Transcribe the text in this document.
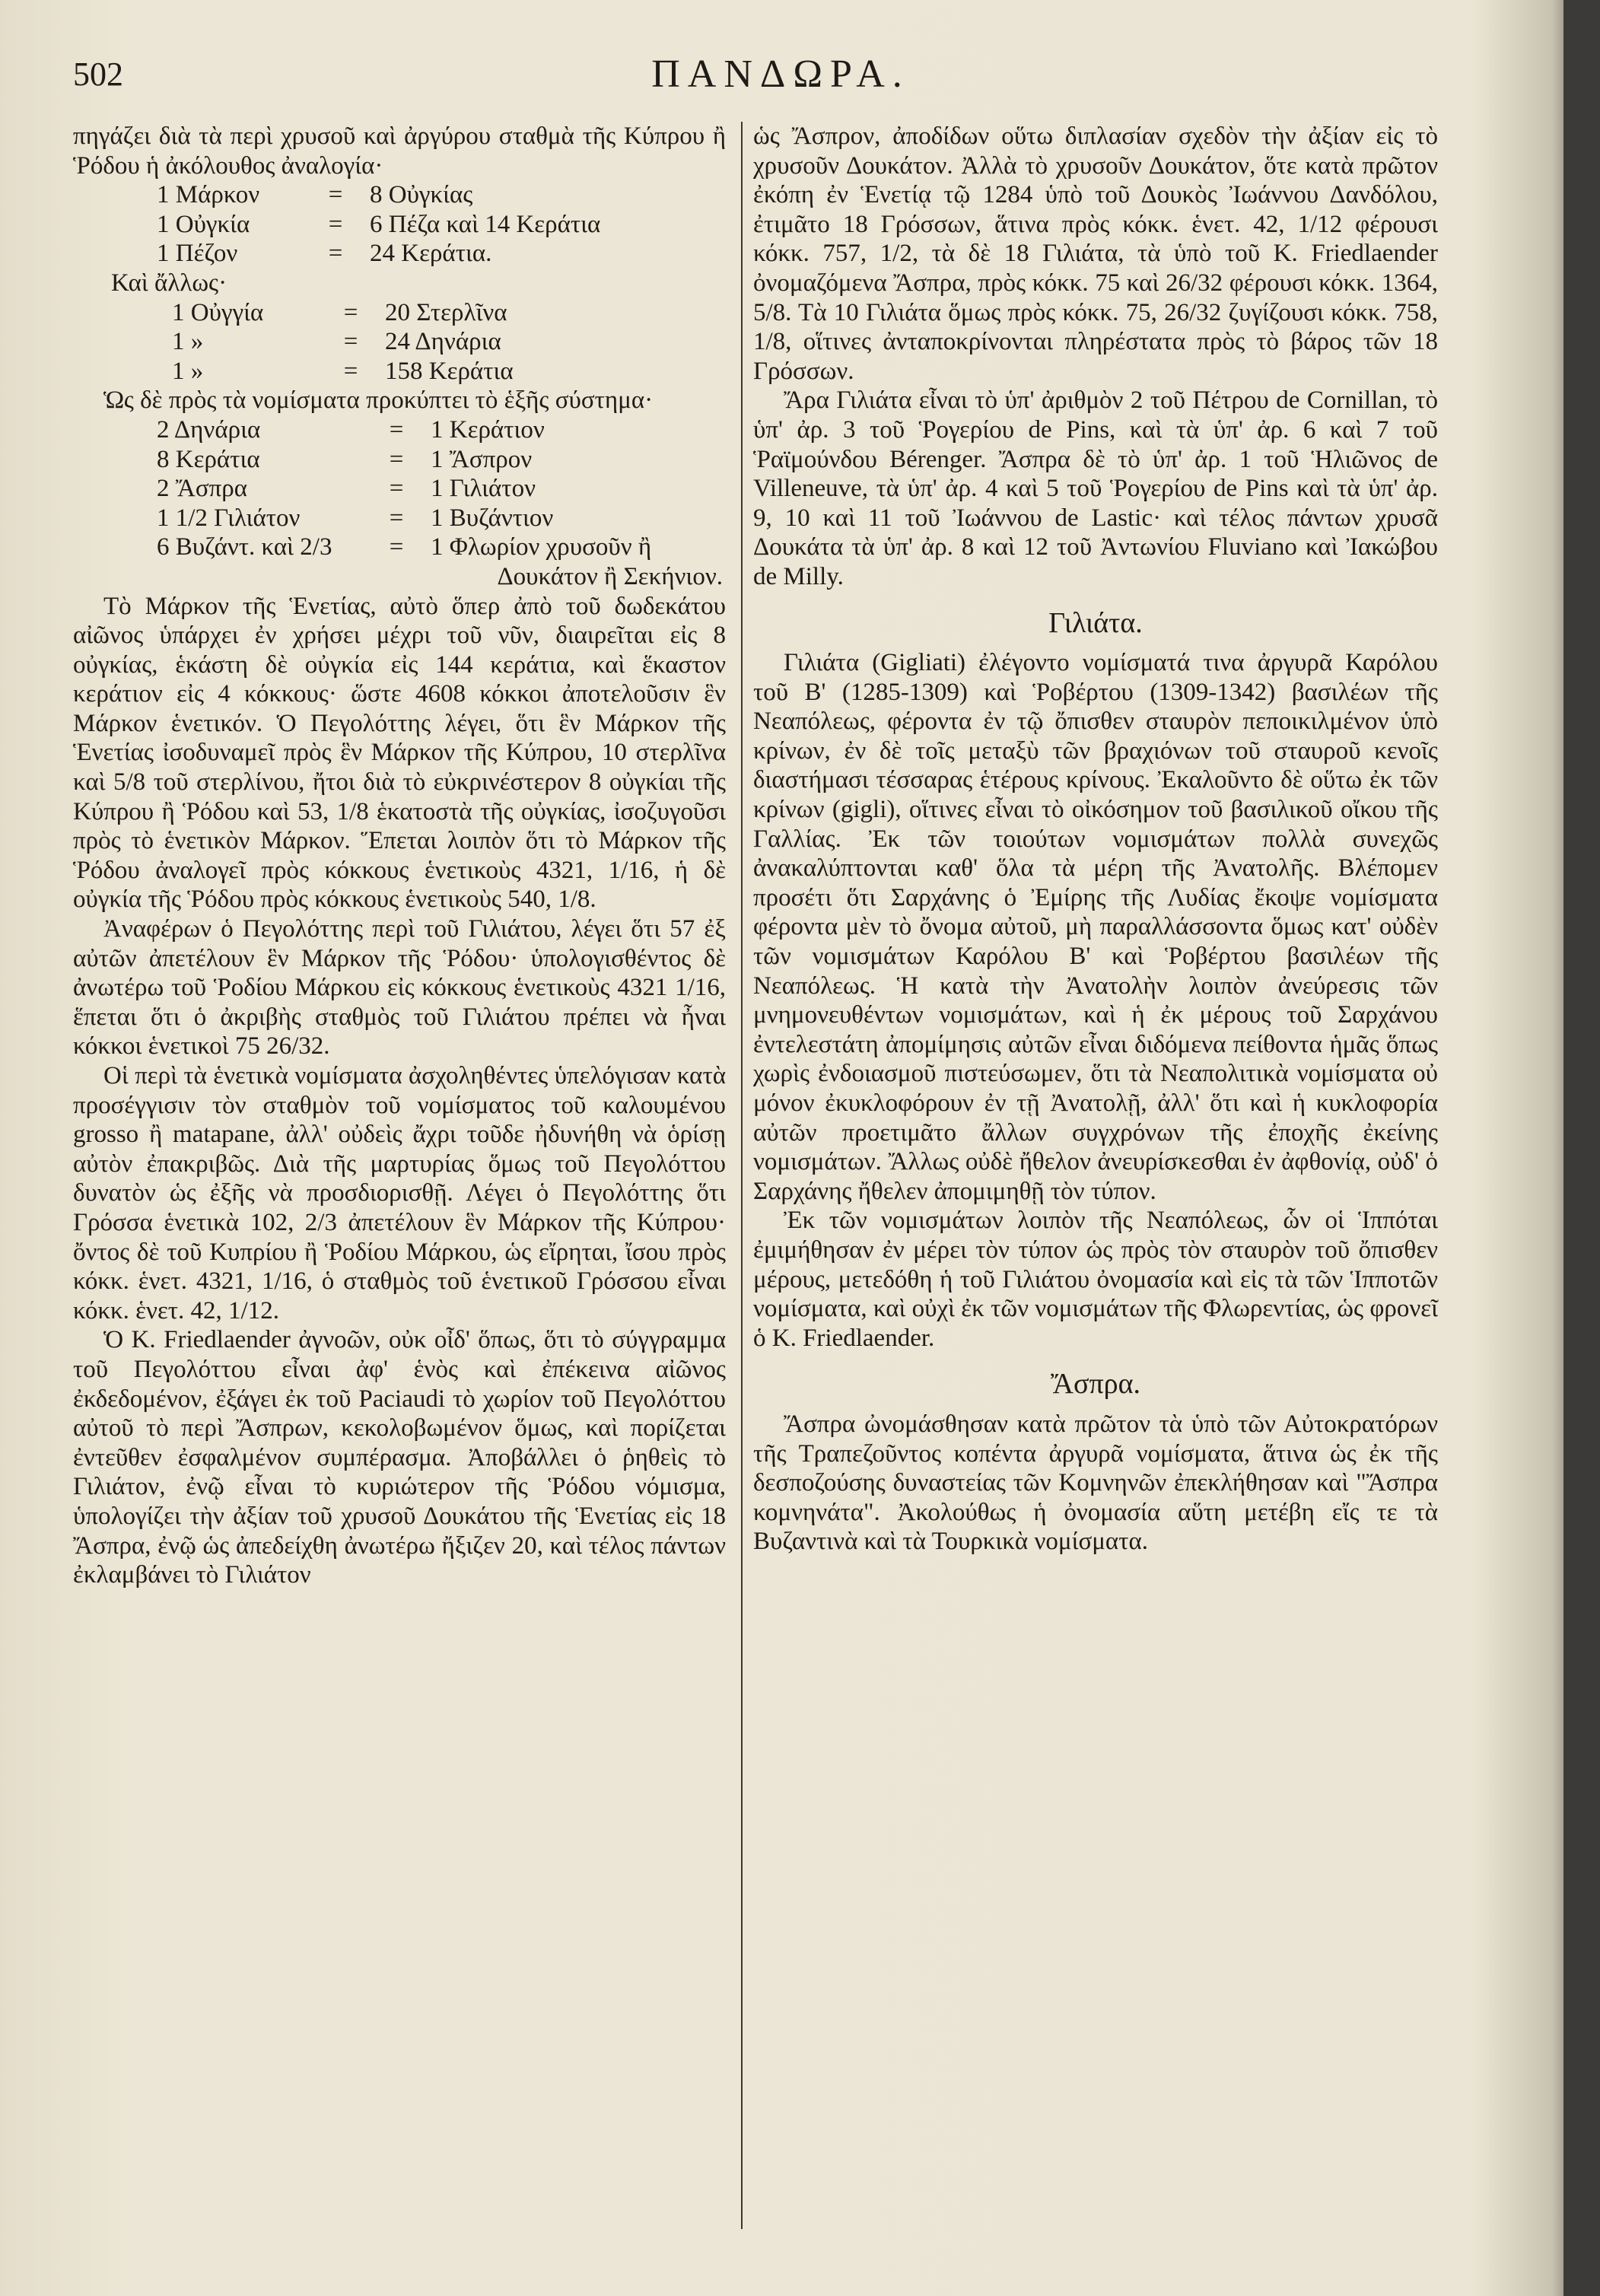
502	ΠΑΝΔΩΡΑ.

πηγάζει διὰ τὰ περὶ χρυσοῦ καὶ ἀργύρου σταθμὰ τῆς Κύπρου ἢ Ῥόδου ἡ ἀκόλουθος ἀναλογία·

1 Μάρκον	=	8 Οὐγκίας
1 Οὐγκία	=	6 Πέζα καὶ 14 Κεράτια
1 Πέζον	=	24 Κεράτια.

Καὶ ἄλλως·

1 Οὐγγία	=	20 Στερλῖνα
1 »	=	24 Δηνάρια
1 »	=	158 Κεράτια

Ὡς δὲ πρὸς τὰ νομίσματα προκύπτει τὸ ἑξῆς σύστημα·

2 Δηνάρια	=	1 Κεράτιον
8 Κεράτια	=	1 Ἄσπρον
2 Ἄσπρα	=	1 Γιλιάτον
1 1/2 Γιλιάτον	=	1 Βυζάντιον
6 Βυζάντ. καὶ 2/3	=	1 Φλωρίον χρυσοῦν ἢ
Δουκάτον ἢ Σεκήνιον.

Τὸ Μάρκον τῆς Ἑνετίας, αὐτὸ ὅπερ ἀπὸ τοῦ δωδεκάτου αἰῶνος ὑπάρχει ἐν χρήσει μέχρι τοῦ νῦν, διαιρεῖται εἰς 8 οὐγκίας, ἑκάστη δὲ οὐγκία εἰς 144 κεράτια, καὶ ἕκαστον κεράτιον εἰς 4 κόκκους· ὥστε 4608 κόκκοι ἀποτελοῦσιν ἓν Μάρκον ἑνετικόν. Ὁ Πεγολόττης λέγει, ὅτι ἓν Μάρκον τῆς Ἑνετίας ἰσοδυναμεῖ πρὸς ἓν Μάρκον τῆς Κύπρου, 10 στερλῖνα καὶ 5/8 τοῦ στερλίνου, ἤτοι διὰ τὸ εὐκρινέστερον 8 οὐγκίαι τῆς Κύπρου ἢ Ῥόδου καὶ 53, 1/8 ἑκατοστὰ τῆς οὐγκίας, ἰσοζυγοῦσι πρὸς τὸ ἑνετικὸν Μάρκον. Ἕπεται λοιπὸν ὅτι τὸ Μάρκον τῆς Ῥόδου ἀναλογεῖ πρὸς κόκκους ἑνετικοὺς 4321, 1/16, ἡ δὲ οὐγκία τῆς Ῥόδου πρὸς κόκκους ἑνετικοὺς 540, 1/8.

Ἀναφέρων ὁ Πεγολόττης περὶ τοῦ Γιλιάτου, λέγει ὅτι 57 ἐξ αὐτῶν ἀπετέλουν ἓν Μάρκον τῆς Ῥόδου· ὑπολογισθέντος δὲ ἀνωτέρω τοῦ Ῥοδίου Μάρκου εἰς κόκκους ἑνετικοὺς 4321 1/16, ἕπεται ὅτι ὁ ἀκριβὴς σταθμὸς τοῦ Γιλιάτου πρέπει νὰ ἦναι κόκκοι ἑνετικοὶ 75 26/32.

Οἱ περὶ τὰ ἑνετικὰ νομίσματα ἀσχοληθέντες ὑπελόγισαν κατὰ προσέγγισιν τὸν σταθμὸν τοῦ νομίσματος τοῦ καλουμένου grosso ἢ matapane, ἀλλ' οὐδεὶς ἄχρι τοῦδε ἠδυνήθη νὰ ὁρίσῃ αὐτὸν ἐπακριβῶς. Διὰ τῆς μαρτυρίας ὅμως τοῦ Πεγολόττου δυνατὸν ὡς ἐξῆς νὰ προσδιορισθῇ. Λέγει ὁ Πεγολόττης ὅτι Γρόσσα ἑνετικὰ 102, 2/3 ἀπετέλουν ἓν Μάρκον τῆς Κύπρου· ὄντος δὲ τοῦ Κυπρίου ἢ Ῥοδίου Μάρκου, ὡς εἴρηται, ἴσου πρὸς κόκκ. ἑνετ. 4321, 1/16, ὁ σταθμὸς τοῦ ἑνετικοῦ Γρόσσου εἶναι κόκκ. ἑνετ. 42, 1/12.

Ὁ Κ. Friedlaender ἀγνοῶν, οὐκ οἶδ' ὅπως, ὅτι τὸ σύγγραμμα τοῦ Πεγολόττου εἶναι ἀφ' ἑνὸς καὶ ἐπέκεινα αἰῶνος ἐκδεδομένον, ἐξάγει ἐκ τοῦ Paciaudi τὸ χωρίον τοῦ Πεγολόττου αὐτοῦ τὸ περὶ Ἄσπρων, κεκολοβωμένον ὅμως, καὶ πορίζεται ἐντεῦθεν ἐσφαλμένον συμπέρασμα. Ἀποβάλλει ὁ ῥηθεὶς τὸ Γιλιάτον, ἐνῷ εἶναι τὸ κυριώτερον τῆς Ῥόδου νόμισμα, ὑπολογίζει τὴν ἀξίαν τοῦ χρυσοῦ Δουκάτου τῆς Ἑνετίας εἰς 18 Ἄσπρα, ἐνῷ ὡς ἀπεδείχθη ἀνωτέρω ἤξιζεν 20, καὶ τέλος πάντων ἐκλαμβάνει τὸ Γιλιάτον

ὡς Ἄσπρον, ἀποδίδων οὕτω διπλασίαν σχεδὸν τὴν ἀξίαν εἰς τὸ χρυσοῦν Δουκάτον. Ἀλλὰ τὸ χρυσοῦν Δουκάτον, ὅτε κατὰ πρῶτον ἐκόπη ἐν Ἑνετίᾳ τῷ 1284 ὑπὸ τοῦ Δουκὸς Ἰωάννου Δανδόλου, ἐτιμᾶτο 18 Γρόσσων, ἅτινα πρὸς κόκκ. ἑνετ. 42, 1/12 φέρουσι κόκκ. 757, 1/2, τὰ δὲ 18 Γιλιάτα, τὰ ὑπὸ τοῦ Κ. Friedlaender ὀνομαζόμενα Ἄσπρα, πρὸς κόκκ. 75 καὶ 26/32 φέρουσι κόκκ. 1364, 5/8. Τὰ 10 Γιλιάτα ὅμως πρὸς κόκκ. 75, 26/32 ζυγίζουσι κόκκ. 758, 1/8, οἵτινες ἀνταποκρίνονται πληρέστατα πρὸς τὸ βάρος τῶν 18 Γρόσσων.

Ἄρα Γιλιάτα εἶναι τὸ ὑπ' ἀριθμὸν 2 τοῦ Πέτρου de Cornillan, τὸ ὑπ' ἀρ. 3 τοῦ Ῥογερίου de Pins, καὶ τὰ ὑπ' ἀρ. 6 καὶ 7 τοῦ Ῥαϊμούνδου Bérenger. Ἄσπρα δὲ τὸ ὑπ' ἀρ. 1 τοῦ Ἡλιῶνος de Villeneuve, τὰ ὑπ' ἀρ. 4 καὶ 5 τοῦ Ῥογερίου de Pins καὶ τὰ ὑπ' ἀρ. 9, 10 καὶ 11 τοῦ Ἰωάννου de Lastic· καὶ τέλος πάντων χρυσᾶ Δουκάτα τὰ ὑπ' ἀρ. 8 καὶ 12 τοῦ Ἀντωνίου Fluviano καὶ Ἰακώβου de Milly.

Γιλιάτα.

Γιλιάτα (Gigliati) ἐλέγοντο νομίσματά τινα ἀργυρᾶ Καρόλου τοῦ Β' (1285-1309) καὶ Ῥοβέρτου (1309-1342) βασιλέων τῆς Νεαπόλεως, φέροντα ἐν τῷ ὄπισθεν σταυρὸν πεποικιλμένον ὑπὸ κρίνων, ἐν δὲ τοῖς μεταξὺ τῶν βραχιόνων τοῦ σταυροῦ κενοῖς διαστήμασι τέσσαρας ἑτέρους κρίνους. Ἐκαλοῦντο δὲ οὕτω ἐκ τῶν κρίνων (gigli), οἵτινες εἶναι τὸ οἰκόσημον τοῦ βασιλικοῦ οἴκου τῆς Γαλλίας. Ἐκ τῶν τοιούτων νομισμάτων πολλὰ συνεχῶς ἀνακαλύπτονται καθ' ὅλα τὰ μέρη τῆς Ἀνατολῆς. Βλέπομεν προσέτι ὅτι Σαρχάνης ὁ Ἐμίρης τῆς Λυδίας ἔκοψε νομίσματα φέροντα μὲν τὸ ὄνομα αὐτοῦ, μὴ παραλλάσσοντα ὅμως κατ' οὐδὲν τῶν νομισμάτων Καρόλου Β' καὶ Ῥοβέρτου βασιλέων τῆς Νεαπόλεως. Ἡ κατὰ τὴν Ἀνατολὴν λοιπὸν ἀνεύρεσις τῶν μνημονευθέντων νομισμάτων, καὶ ἡ ἐκ μέρους τοῦ Σαρχάνου ἐντελεστάτη ἀπομίμησις αὐτῶν εἶναι διδόμενα πείθοντα ἡμᾶς ὅπως χωρὶς ἐνδοιασμοῦ πιστεύσωμεν, ὅτι τὰ Νεαπολιτικὰ νομίσματα οὐ μόνον ἐκυκλοφόρουν ἐν τῇ Ἀνατολῇ, ἀλλ' ὅτι καὶ ἡ κυκλοφορία αὐτῶν προετιμᾶτο ἄλλων συγχρόνων τῆς ἐποχῆς ἐκείνης νομισμάτων. Ἄλλως οὐδὲ ἤθελον ἀνευρίσκεσθαι ἐν ἀφθονίᾳ, οὐδ' ὁ Σαρχάνης ἤθελεν ἀπομιμηθῇ τὸν τύπον.

Ἐκ τῶν νομισμάτων λοιπὸν τῆς Νεαπόλεως, ὧν οἱ Ἱππόται ἐμιμήθησαν ἐν μέρει τὸν τύπον ὡς πρὸς τὸν σταυρὸν τοῦ ὄπισθεν μέρους, μετεδόθη ἡ τοῦ Γιλιάτου ὀνομασία καὶ εἰς τὰ τῶν Ἱπποτῶν νομίσματα, καὶ οὐχὶ ἐκ τῶν νομισμάτων τῆς Φλωρεντίας, ὡς φρονεῖ ὁ Κ. Friedlaender.

Ἄσπρα.

Ἄσπρα ὠνομάσθησαν κατὰ πρῶτον τὰ ὑπὸ τῶν Αὐτοκρατόρων τῆς Τραπεζοῦντος κοπέντα ἀργυρᾶ νομίσματα, ἅτινα ὡς ἐκ τῆς δεσποζούσης δυναστείας τῶν Κομνηνῶν ἐπεκλήθησαν καὶ "Ἄσπρα κομνηνάτα". Ἀκολούθως ἡ ὀνομασία αὕτη μετέβη εἴς τε τὰ Βυζαντινὰ καὶ τὰ Τουρκικὰ νομίσματα.
